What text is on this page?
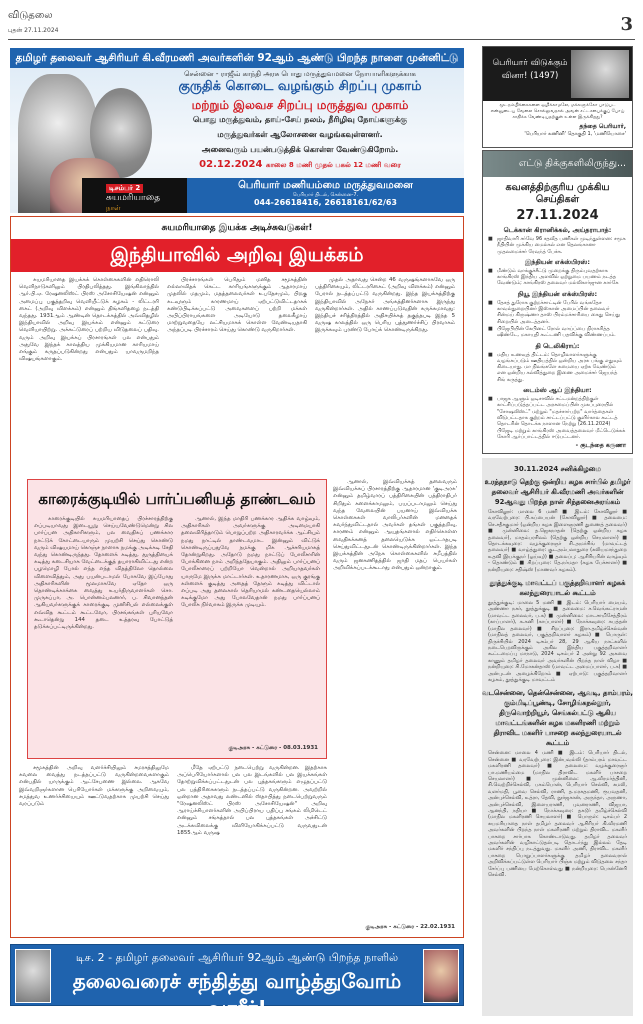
விடுதலை
புதன் 27.11.2024	3
தமிழர் தலைவர் ஆசிரியர் கி.வீரமணி அவர்களின் 92ஆம் ஆண்டு பிறந்த நாளை முன்னிட்டு
சென்னை - ராஜீவ் காந்தி அரசு பொது மருத்துவமனை நோயாளிகளுக்காக
குருதிக் கொடை வழங்கும் சிறப்பு முகாம்
மற்றும் இலவச சிறப்பு மருத்துவ முகாம்
பொது மருத்துவம், தாய்-சேய் நலம், நீரிழிவு நோய்களுக்கு
மருத்துவர்கள் ஆலோசனை வழங்கவுள்ளனர்.
அனைவரும் பயன்படுத்திக் கொள்ள வேண்டுகிறோம்.
02.12.2024 காலை 8 மணி முதல் பகல் 12 மணி வரை
டிசம்பர் 2
சுயமரியாதை
நாள்
பெரியார் மணியம்மை மருத்துவமனை
பெரியார் திடல், சென்னை-7.
044-26618416, 26618161/62/63
சுயமரியாதை இயக்க அடிச்சுவடுகள்!
இந்தியாவில் அறிவு இயக்கம்

சுயமரியாதை இயக்கக் கொள்கைகளின் எதிரொலி வெளிநாடுகளிலும் பிரதிபலித்தது. இங்கிலாந்தில் ஆர்.பி.ஏ. ரேஷனலிஸ்ட் பிரஸ் அசோசியேஷன் என்னும் அமைப்பு பகுத்தறிவு வெளியீட்டுக் கழகம் - லிட்டரரி கைட் (அறிவு விளக்கம்) என்னும் திங்களிதழை நடத்தி வந்தது. 1931ஆம் ஆண்டின் தொடக்கத்தில் அவ்விதழில் இந்தியாவில் அறிவு இயக்கம் என்னும் கட்டுரை வெளியாயிற்று. அக்கட்டுரைப் பற்றிய விடுதலைப் பதிவு. வரும் அறிவு இயக்கப் பிரசாரங்கள் பல என்பதும் அதுவே இந்தக் காலத்திய முக்கியமான காரியமாய் எங்கும் கருதப்படுகின்றது என்பதும் யாவருமறிந்த விஷயங்களாகும்.

பிரச்சாரங்கள் பெரிதும் மனித சமூகத்தின் எல்லாவிதக் கெட்ட காரியங்களுக்கும் ஆதாரமாய் முதலில் மதமும், மதத்தலைவர்கள் உபதேசமும், பிறகு கடவுளும் காரணமாய் ஏற்பட்டுவிட்டதாகக் கண்டுபிடிக்கப்பட்டு அவைகளைப் பற்றி மக்கள் அபிப்பிராயங்களை அடியோடு தலைகீழாய் மாற்றுவதையே லட்சியமாகக் கொள்ள வேண்டியதாகி அந்தப்படி பிரச்சாரம் செய்து கொண்டு வருகிறார்கள்.

முதல் அதாவது சென்ற 46 வருஷங்களாகவே ஒரு பத்திரிகையும், லிட்டரரிகைட் (அறிவு விளக்கம்) என்னும் பேரால் நடத்தப்பட்டு வருகின்றது. இந்த இயக்கத்திற்கு இந்தியாவில் அநேகர் அங்கத்தினர்களாக இருந்து வருகின்றார்கள். அதில் காணப்படுவதின் சுருக்கமாவது: இந்தியச் சரித்திரத்தில் அதிசயிக்கத் தகுந்தபடி இந்த 5 வருஷ காலத்தில் ஒரு பெரிய புத்துணர்ச்சிப் பிரவாகம் இருக்கவும் புரண்டு போய்க் கொண்டிருக்கிறது.

காரைக்குடியில் பார்ப்பனியத் தாண்டவம்

காரைக்குடியில் சுயமரியாதைப் பிரச்சாரத்திற்கு எப்படியாவது இடையூறு செய்யவேண்டுமென்று சில பார்ப்பன அதிகாரிகளும், பல வைதிகப் பணக்கார நாட்டுக் கோட்டையாரும் முயற்சி செய்து கொண்டு வரும் விஷயமாய் கொஞ்ச நாளாக நமக்கு அடிக்கடி சேதி வந்து கொண்டிருந்தது. தோளைக் கடித்து, துருத்தியைக் கடித்து கடைசியாக வேட்டைக்குத் தயாராகிவிட்டது என்ற பழமொழி போல் எந்த எந்த விதத்திலோ தொல்லை விளைவித்தும், அது பயன்படாமல் போகவே இப்போது அதிகாரிகளின் மூலமாகவே ஏதோ ஒரு தொண்டிக்காக்கை வைத்து உயர்திருவாளர்கள் சொ. முருகப்பா, அ. பொன்னம்பலனார், ப. சிவானந்தன் ஆகியவர்களுக்குக் காரைக்குடி முனிசிபல் எல்லைக்குள் எவ்வித கூட்டம் கூட்டவோ, பிரசங்கங்கள் புரியவோ கூடாதென்று 144 தடை உத்தரவு போட்டுத் தடுக்கப்பட்டிருக்கின்றது.

ஆனால், இந்த மாதிரி பணக்கார ஆதிக்க வாழ்வும், அதிகாரிகள் அவர்களுக்கு அடிமையாகி தலைவிரித்தாடும் பொறுப்பற்ற அதிகாரவர்க்க ஆட்சியும் நமது நாட்டில் தாண்டவமாட இன்னும் விட்டுக் கொண்டிருப்பதுவே நமக்கு மிக ஆச்சரியமாகத் தோன்றுகிறது. அதோடு நமது நாட்டுப் போலீசாரின் போக்கினை நாம் அறிந்ததேயாகும். அதிலும் பார்ப்பனப் போலீசாரைப் பற்றியோ வென்றால் அறியாதவர்கள் யாருமே இருக்க மாட்டார்கள். உதாரணமாக, ஒரு குரங்கு கள்ளைக் குடித்து அதைத் தேளும் கடித்து விட்டால் எப்படி அது தலைகால் தெரியாமல் கண்டதையெல்லாம் கடிக்குமோ அது போலவேதான் நமது பார்ப்பனப் போலீசு நிர்வாகம் இருக்க முடியும்.

குடிஅரசு - கட்டுரை - 08.03.1931

ஆனால், இவ்வியக்கத் தலைவரும் இவ்வியக்கப் பிரசாரத்திற்கு ஆதாரமான 'குடிஅரசு' என்னும் தமிழ்வாரப் பத்திரிகையின் பத்திராதிபர் சிறிதும் களைக்காமலும், பயப்படாமலும் செய்து வந்த வேலையின் பயனாய் இவ்வியக்க கொள்கைகள் வாலிபர்களின் மனதைக் கவர்ந்துவிட்டதால் அவர்கள் தங்கள் பகுத்தறிவு, காரணம் என்னும் ஆயுதங்களால் எதிர்கொள்ள வைதிகக்கனத் தலையெடுக்க ஒட்டாதபடி செய்துவிட்டதுடன் கொண்டிருக்கின்றார்கள். இந்த இயக்கத்தின் அநேக கொள்கைகளில் சமீபத்தில் வரும் ஜனகணிதத்தில் ஜாதி மதப் பெயர்கள் அறிவிக்கப்படக்கூடாது என்பதும் ஒன்றாகும்.

சமூகத்தின் அறிவு வளர்ச்சியிலும் சமரசத்திலுமே கவலை வைத்து நடத்தப்பட்டு வருகின்றவைகளாகும் என்பதில் யாருக்கும் ஆட்சேபணை இல்லை. ஆகவே இவ்வறிஞர்களான பெரியோர்கள் மக்களுக்கு அறிவையும், சமத்துவ உணர்ச்சியையும் ஊட்டுவதற்காக முயற்சி செய்து வரப்படும்

மீதே ஏற்பட்டு நடைபெற்று வருகின்றன. இதற்காக அப்பெரியோர்களால் பல பல இடங்களில் பல இயக்கங்கள் தோற்றுவிக்கப்பட்டதுடன் பல புத்தகங்களும் எழுதப்பட்டு பல பத்திரிகைகளும் நடத்தப்பட்டு வருகின்றன. அவற்றில் ஒன்றான அதாவது லண்டனில் ஸ்தாபித்து நடைபெற்றுவரும் "ரேஷனலிஸ்ட் பிரஸ் அசோசியேஷன்" அறிவு ஆராய்ச்சியாளர்களின் அபிப்பிராய பதிப்பு சங்கம் லிமிடெட் என்னும் சங்கத்தால் பல புத்தகங்கள் அச்சிட்டு அடக்கவிலைக்கு விளியோகிக்கப்பட்டு வருவதுடன் 1855ஆம் வருஷ

குடிஅரசு - கட்டுரை - 22.02.1931
டிச. 2 - தமிழர் தலைவர் ஆசிரியர் 92ஆம் ஆண்டு பிறந்த நாளில்
தலைவரைச் சந்தித்து வாழ்த்துவோம் வாரீர்!
பெரியார் விடுக்கும் வினா! (1497)
மூடநம்பிக்கைகளை ஒழிக்காமலே, மக்களுக்கோ பாடுபட என்னுடைய வேலை சொல்லுவதால் அவன் சட்டசபைக்குப் போய் சாதிக்க வேண்டியதற்குள் உள்ள இருக்கிறது?
தந்தை பெரியார்,
'பெரியார் கணினி' தொகுதி 1, 'மணியோசை'
எட்டு திக்குகளிலிருந்து...
கவனத்திற்குரிய முக்கிய செய்திகள்
27.11.2024
டெக்கான் கிரானிக்கல், அய்தராபாத்:
■ ஜாதிவாரி சர்வே 96 சதவீத பணிகள் முடிந்துள்ளன: சமூக நீதியின் முக்கிய மைல்கல் என தெலங்கானா முதலமைச்சர் ரேவந்த் பேச்சு.
இந்தியன் எக்ஸ்பிரஸ்:
■ மீண்டும் வாக்குச்சீட்டு முறைக்கு திரும்புவதற்காக காங்கிரஸ் இந்திய அளவில் ஒற்றுமை பயணம் நடத்த வேண்டும்; காங்கிரஸ் தலைவர் மல்லிகார்ஜுன கார்கே
நியூ இந்தியன் எக்ஸ்பிரஸ்:
■ தேசத் துரோக குற்றச்சாட்டின் பேரில் வங்கதேச காவல்துறையினர் இஸ்கான் அமைப்பின் தலைவர் சின்மய் கிருஷ்ணா தாஸ் பிரம்மச்சாரியை கைது செய்து சிறையில் அடைத்தனர்.
■ பிஜேபியின் கேபினட் ரோல் வாய்ப்பை நிராகரித்த ஷிண்டே, மகாயுதி கூட்டணி பதவிக்கு விண்ணப்பம்.
தி டெலிகிராப்:
■ மதிய உணவுத் திட்டம்: தொழிலாளர்களுக்கு வழங்கப்படும் ஊதியத்தில் ஒன்றிய அரசு பங்கு எதுவும் கிடையாது. மா நிலங்களே சுமையை ஏற்க வேண்டும் என ஒன்றிய கல்வித்துறை இணை அமைச்சர் ஜெயந்த் சிங் கருத்து.
டைம்ஸ் ஆப் இந்தியா:
■ பாஜக ஆளும் ஒடிசாவில் சட்டமன்றத்திற்குள் காட்சிப்படுத்தப்பட்ட அரசமைப்பின் முகப்புரையில் "சோஷலிஸ்ட்" மற்றும் "மதச்சார்பற்ற" வார்த்தைகள் விடுபட்டதாக குற்றம் சாட்டப்பட்டு குளிர்கால கூட்டத் தொடரின் தொடக்க நாளான நேற்று (26.11.2024) பிஜேடி மற்றும் காங்கிரஸ் அவைத்தலைவர் மீட்டெடுக்கக் கோரி ஆர்ப்பாட்டத்தில் ஈடுபட்டனர்.
- குடந்தை கருணா
30.11.2024 சனிக்கிழமை
உரத்தநாடு தெற்கு ஒன்றிய கழக சார்பில் தமிழர் தலைவர் ஆசிரியர் கி.வீரமணி அவர்களின் 92ஆவது பிறந்த நாள் சிந்தனைஅரங்கம்
கோவிலூர்: மாலை 6 மணி ■ இடம்: கோவிலூர் ■ வரவேற்புரை: பி.கப்பையன் (கோவிலூர்) ■ தலைமை: செ.சதீசகுமார் (ஒன்றிய கழக இளைஞரணி துணைத் தலைவர்) ■ முன்னிலை: த.ஜெகநாதன் (தெற்கு ஒன்றிய கழக தலைவர்), மாதம்பரசிலம் (தெற்கு ஒன்றிய செயலாளர்) ■ தொடக்கவுரை: வழக்குரைஞர் சி.அமர்சிங் (மாவட்டத் தலைவர்) ■ வாழ்த்துரை: குடஅம்பலாதுரை (கலியமாந்துறை உதவி இயக்குநர் (ஓய்வு)) ■ தலைப்பு: ஆசிரியரின் வாழ்வும் - தொண்டும் ■ சிறப்புரை: தே.நர்மதா (கழக பேச்சாளர்) ■ நன்றியுரை: சதிஷ்ஸ் (மாணவர் கழகம்).
தூத்துக்குடி மாவட்டப் பகுத்தறிவாளர் கழகக் கலந்துரையாடல் கூட்டம்
தூத்துக்குடி: மாலை 5 மணி ■ இடம்: பெரியார் மையம், அண்ணா நகர், தூத்துக்குடி ■ தலைமை: ச.வெங்கட்ராமன் (மாவட்ட தலைவர், ப.க) ■ முன்னிலை: மாடசாமிசேத்திரம் (காப்பாளர்), க.கனி (காப்பாளர்) ■ நோக்கவுரை: சுபத்தன் (மாநில தலைவர்) ■ சிறப்புரை: இரா.தமிழ்ச்செல்வன் (மாநிலத் தலைவர், பகுத்தறிவாளர் கழகம்) ■ பொருள்: திருச்சியில் 2024 டிசம்பர் 28, 29 ஆகிய நாட்களில் நடைபெறவிருக்கும் அகில இந்திய பகுத்தறிவாளர் கூட்டமைப்பு மாநாடு, 2024 டிசம்பர் 2 அன்று 92 அகவை காணும் தமிழர் தலைவர் அவர்களின் பிறந்த நாள் விழா ■ நன்றியுரை: சி.மோகன்தாஸ் (மாவட்ட அமைப்பாளர், ப.க) ■ அன்புடன் அழைக்கிறோம் ■ ஏற்பாடு: பகுத்தறிவாளர் கழகம், தூத்துக்குடி மாவட்டம்
வடசென்னை, தென்சென்னை, ஆவடி, தாம்பரம், கும்மிடிப்பூண்டி, சோழிங்கநல்லூர், திருவொற்றியூர், செங்கல்பட்டு ஆகிய மாவட்டங்களின் கழக மகளிரணி மற்றும் திராவிட மகளிர் பாசறை கலந்துரையாடல் கூட்டம்
சென்னை: மாலை 4 மணி ■ இடம்: பெரியார் திடல், சென்னை ■ வரவேற்புரை: இன்பவல்லி (தாம்பரம் மாவட்ட மகளிரணி தலைவர்) ■ தலைமை: வழக்குரைஞர் பா.மணியம்மை (மாநில திராவிட மகளிர் பாசறை செயலாளர்) ■ முன்னிலை: ஆ.வீரமர்த்தினி, சி.வெற்றிச்செல்வி, பசும்பொன், பெரியார் செல்வி, கமலி, வளர்மதி, பூவை செல்வி, ராணி, த.மரகதமணி, ரூபவதனி, அன்புச்செல்வி, உத்ரா, தேவி, நூர்ஜகான், அருந்தா, அருணா, அன்புச்செல்வி, இளையராணி, புவனராணி, விஜயா, ஆனந்தி, நதியா ■ நோக்கவுரை: தகடூர் தமிழ்ச்செல்வி (மாநில மகளிரணி செயலாளர்) ■ பொருள்: டிசம்பர் 2 சுயமரியாதை நாள் தமிழர் தலைவர் ஆசிரியர் கி.வீரமணி அவர்களின் பிறந்த நாள் மகளிரணி மற்றும் திராவிட மகளிர் பாசறை சார்பாக கொண்டாடுவது. தமிழர் தலைவர் அவர்களின் வழிகாட்டுதல்படி தொடர்ந்து இல்லம் தேடி மகளிர் சந்திப்பு நடத்துவது. மகளிர் அணி, திராவிட மகளிர் பாசறை பொறுப்பாளர்களுக்கு தமிழர் தலைவரால் அறிவிக்கப்பட்டுள்ள பெரியார் பிஞ்சு மற்றும் விடுதலை சந்தா சேர்ப்பு பணியை மேற்கொள்வது ■ நன்றியுரை: பொன்னேரி செல்வி.
